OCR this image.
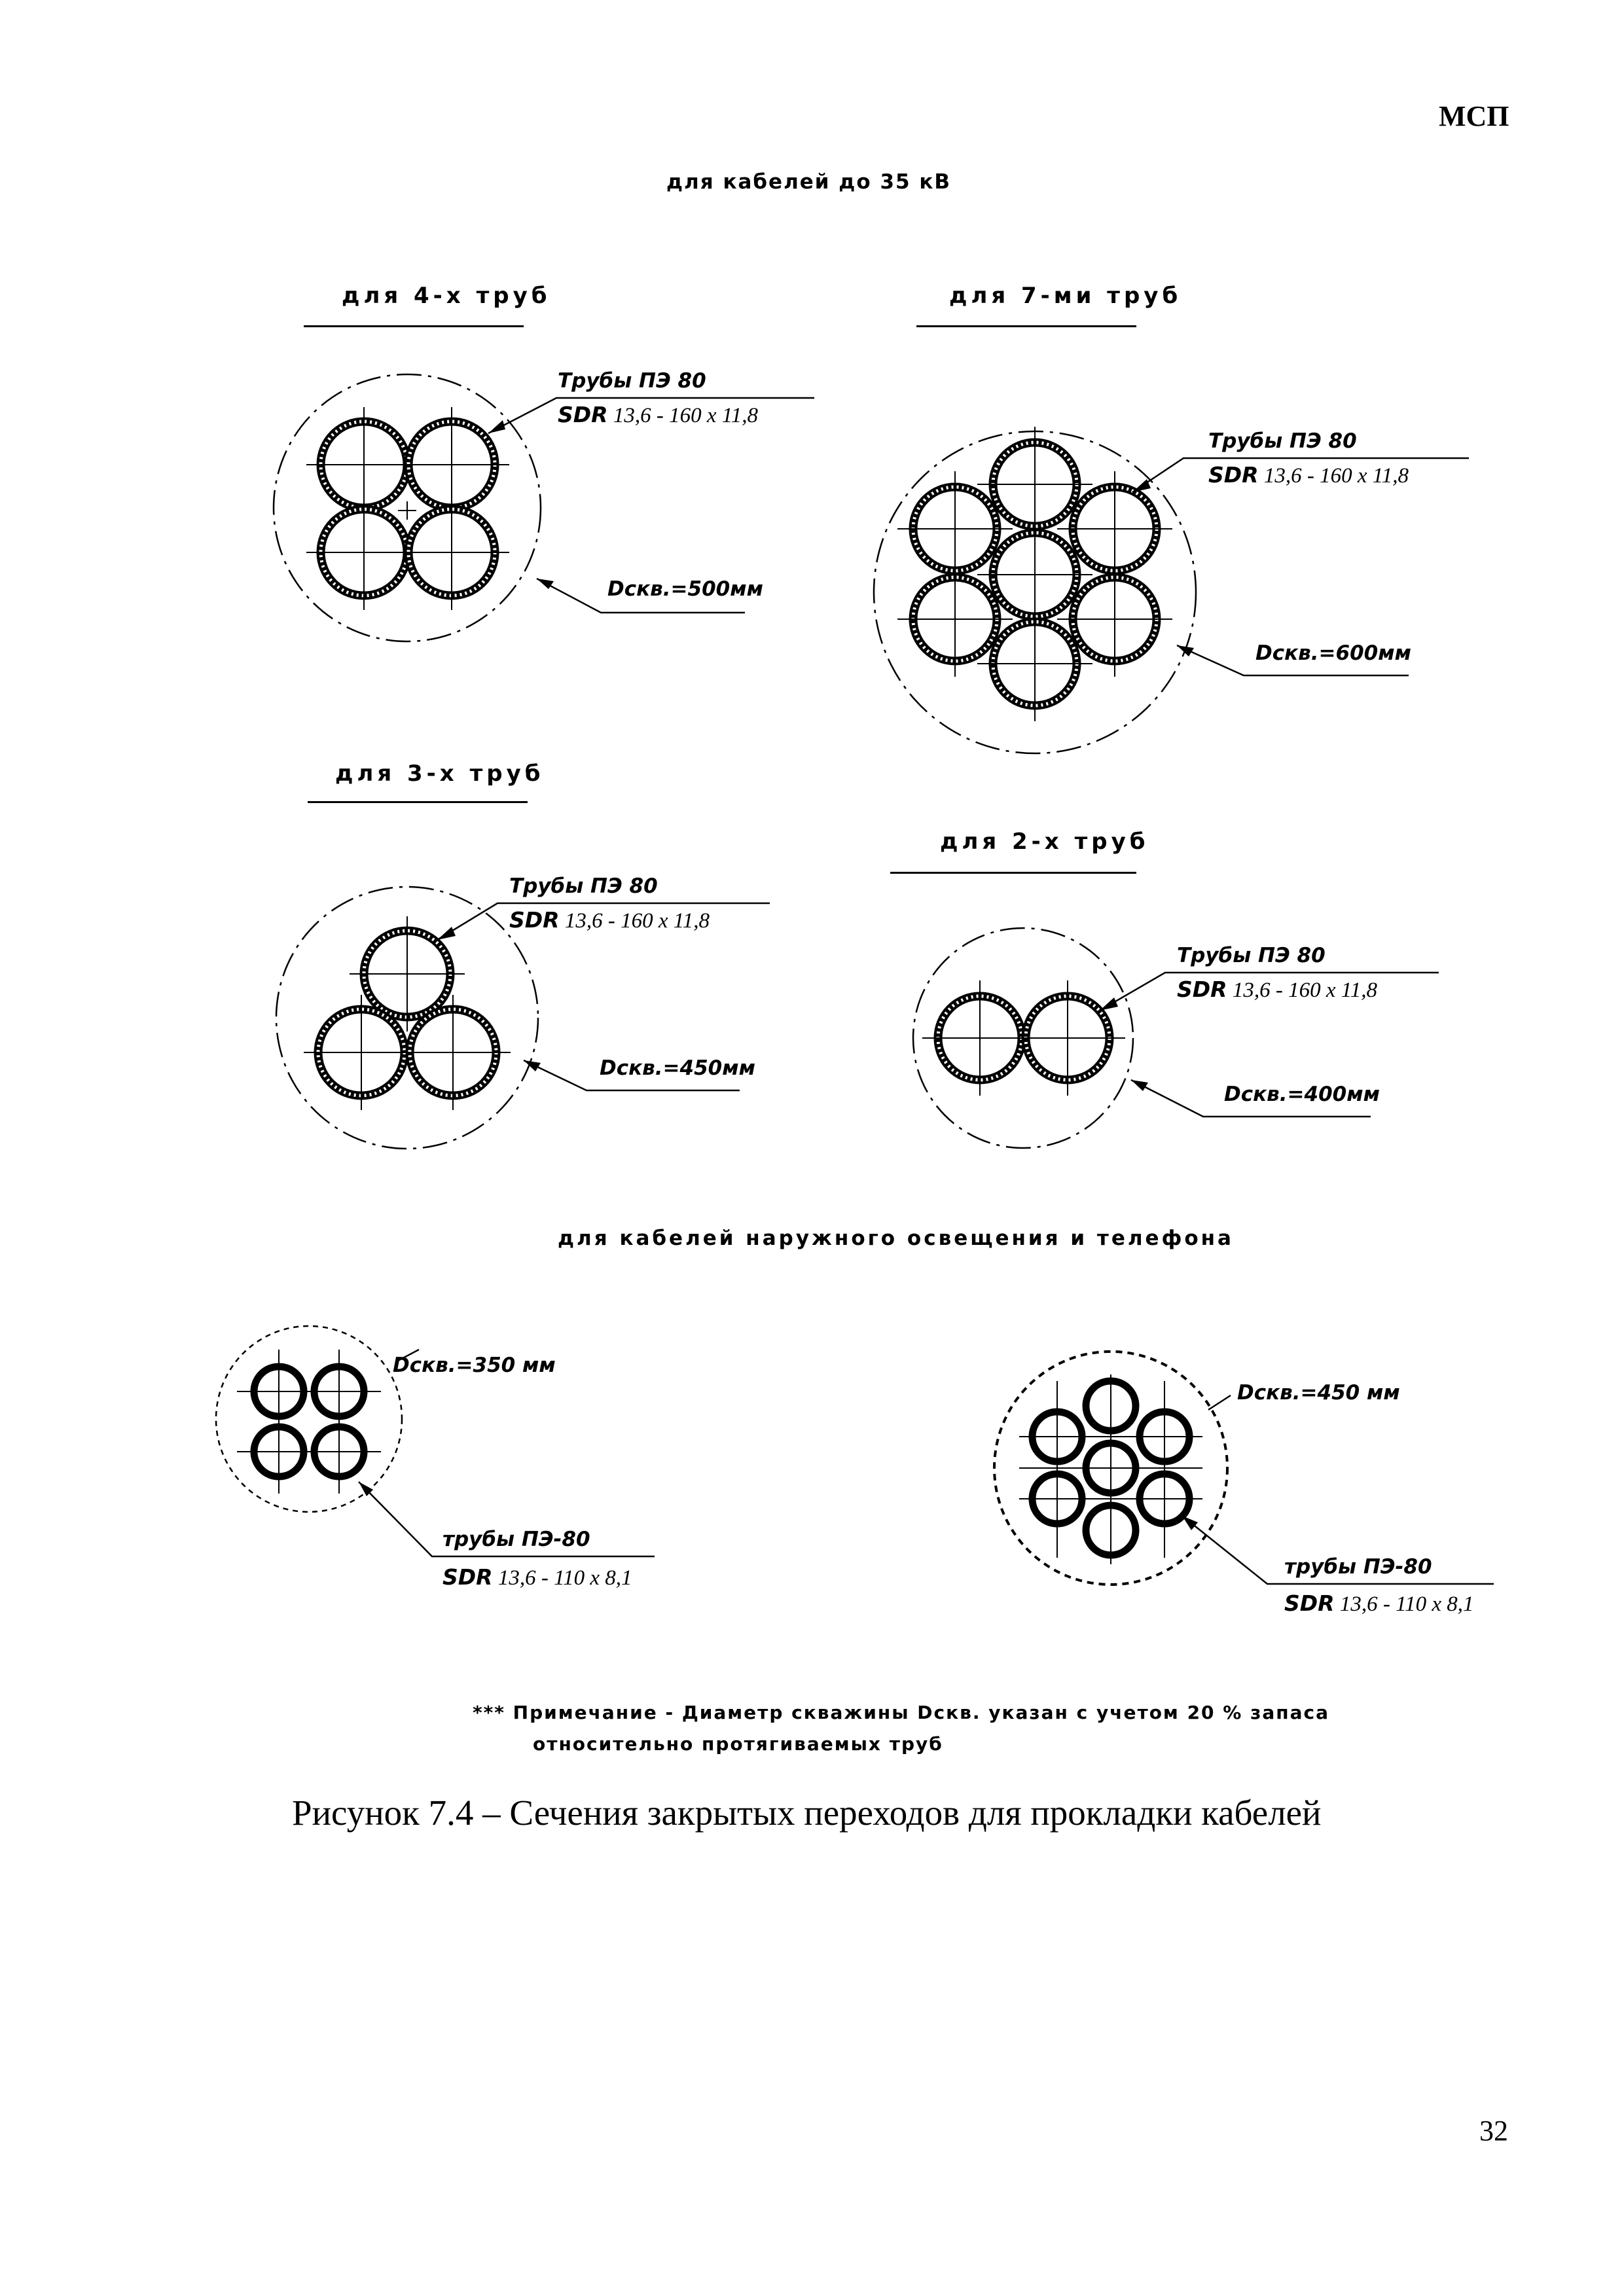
МСП
для кабелей до 35 кВ
для 4-х труб	для 7-ми труб
для 3-х труб
для 2-х труб
Трубы ПЭ 80
SDR 13,6 - 160 х 11,8
Dскв.=500мм
Трубы ПЭ 80
SDR 13,6 - 160 х 11,8
Dскв.=600мм
Трубы ПЭ 80
SDR 13,6 - 160 х 11,8
Dскв.=450мм
Трубы ПЭ 80
SDR 13,6 - 160 х 11,8
Dскв.=400мм
для кабелей наружного освещения и телефона
Dскв.=350 мм
трубы ПЭ-80
SDR 13,6 - 110 х 8,1
Dскв.=450 мм
трубы ПЭ-80
SDR 13,6 - 110 х 8,1
*** Примечание - Диаметр скважины Dскв. указан с учетом 20 % запаса
относительно протягиваемых труб
Рисунок 7.4 – Сечения закрытых переходов для прокладки кабелей
32
